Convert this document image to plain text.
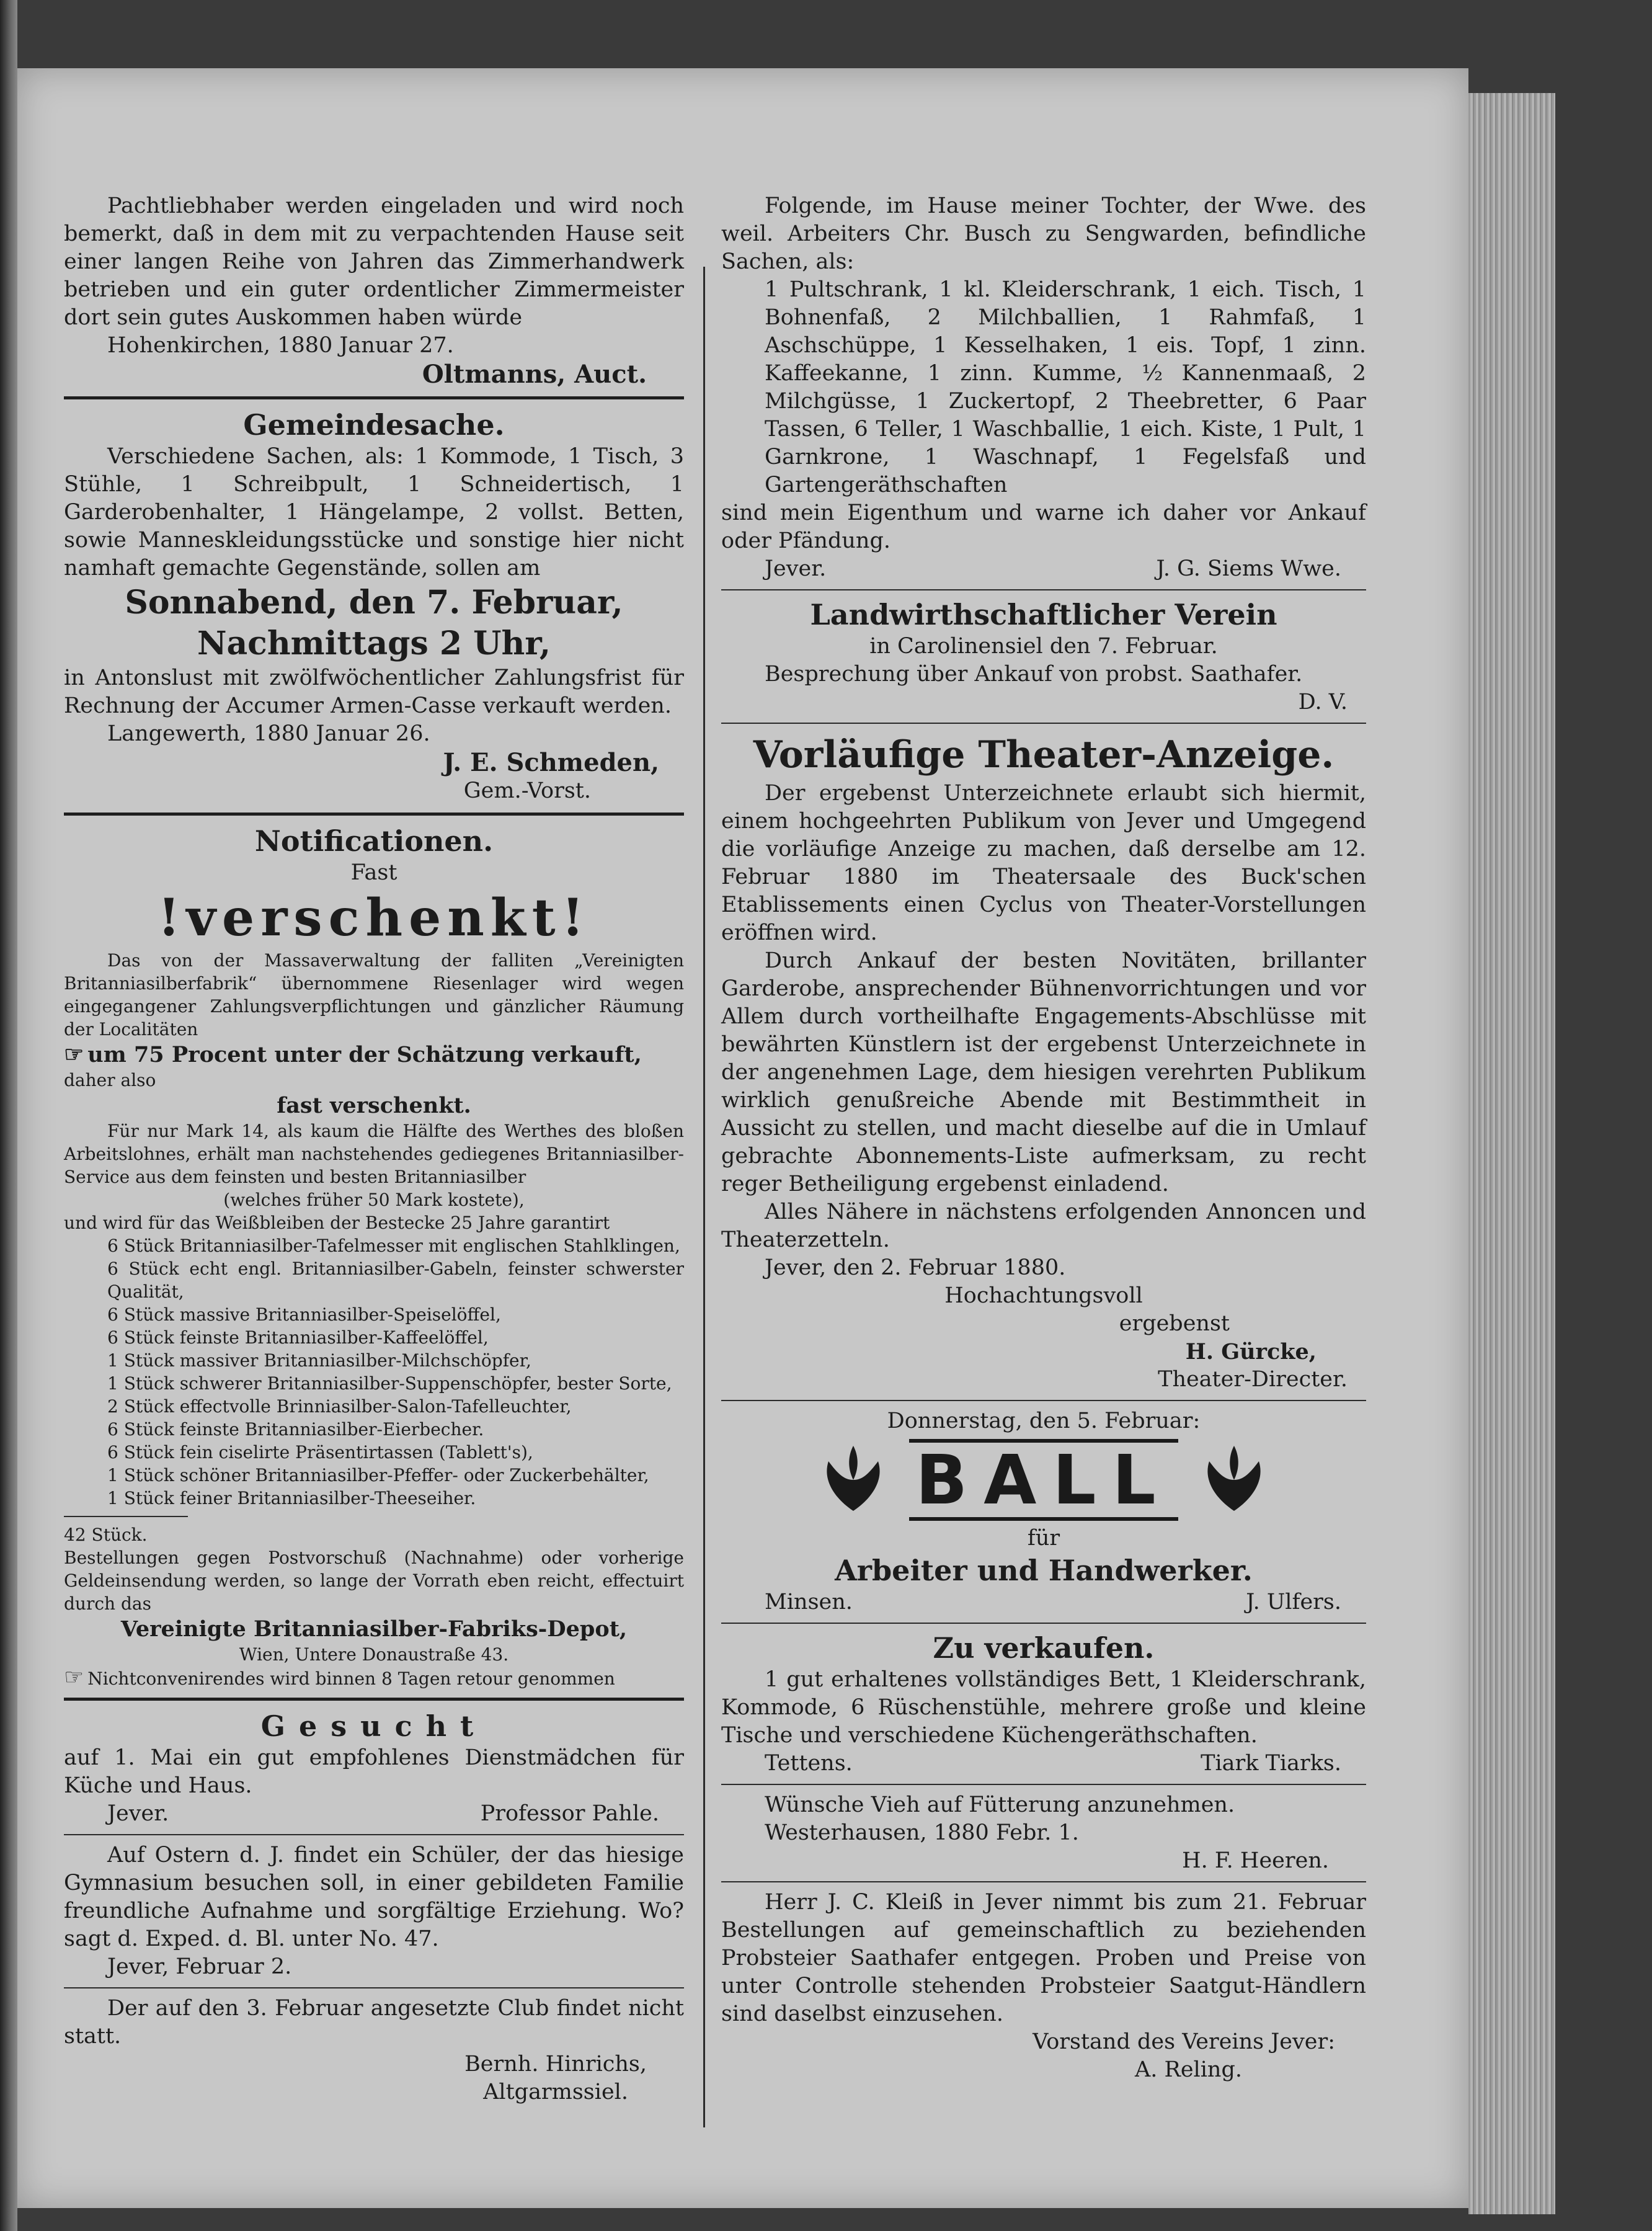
Pachtliebhaber werden eingeladen und wird noch bemerkt, daß in dem mit zu verpachtenden Hause seit einer langen Reihe von Jahren das Zimmerhandwerk betrieben und ein guter ordentlicher Zimmermeister dort sein gutes Auskommen haben würde

Hohenkirchen, 1880 Januar 27.

Oltmanns, Auct.

Gemeindesache.

Verschiedene Sachen, als: 1 Kommode, 1 Tisch, 3 Stühle, 1 Schreibpult, 1 Schneidertisch, 1 Garderobenhalter, 1 Hängelampe, 2 vollst. Betten, sowie Manneskleidungsstücke und sonstige hier nicht namhaft gemachte Gegenstände, sollen am

Sonnabend, den 7. Februar,

Nachmittags 2 Uhr,

in Antonslust mit zwölfwöchentlicher Zahlungsfrist für Rechnung der Accumer Armen-Casse verkauft werden.

Langewerth, 1880 Januar 26.

J. E. Schmeden,

Gem.-Vorst.

Notificationen.

Fast

!verschenkt!

Das von der Massaverwaltung der falliten „Vereinigten Britanniasilberfabrik“ übernommene Riesenlager wird wegen eingegangener Zahlungsverpflichtungen und gänzlicher Räumung der Localitäten

☞ um 75 Procent unter der Schätzung verkauft,

daher also

fast verschenkt.

Für nur Mark 14, als kaum die Hälfte des Werthes des bloßen Arbeitslohnes, erhält man nachstehendes gediegenes Britanniasilber-Service aus dem feinsten und besten Britanniasilber

(welches früher 50 Mark kostete),

und wird für das Weißbleiben der Bestecke 25 Jahre garantirt

6 Stück Britanniasilber-Tafelmesser mit englischen Stahlklingen,

6 Stück echt engl. Britanniasilber-Gabeln, feinster schwerster Qualität,

6 Stück massive Britanniasilber-Speiselöffel,

6 Stück feinste Britanniasilber-Kaffeelöffel,

1 Stück massiver Britanniasilber-Milchschöpfer,

1 Stück schwerer Britanniasilber-Suppenschöpfer, bester Sorte,

2 Stück effectvolle Brinniasilber-Salon-Tafelleuchter,

6 Stück feinste Britanniasilber-Eierbecher.

6 Stück fein ciselirte Präsentirtassen (Tablett's),

1 Stück schöner Britanniasilber-Pfeffer- oder Zuckerbehälter,

1 Stück feiner Britanniasilber-Theeseiher.

42 Stück.

Bestellungen gegen Postvorschuß (Nachnahme) oder vorherige Geldeinsendung werden, so lange der Vorrath eben reicht, effectuirt durch das

Vereinigte Britanniasilber-Fabriks-Depot,

Wien, Untere Donaustraße 43.

☞ Nichtconvenirendes wird binnen 8 Tagen retour genommen

Gesucht

auf 1. Mai ein gut empfohlenes Dienstmädchen für Küche und Haus.

Jever.	Professor Pahle.

Auf Ostern d. J. findet ein Schüler, der das hiesige Gymnasium besuchen soll, in einer gebildeten Familie freundliche Aufnahme und sorgfältige Erziehung. Wo? sagt d. Exped. d. Bl. unter No. 47.

Jever, Februar 2.

Der auf den 3. Februar angesetzte Club findet nicht statt.

Bernh. Hinrichs,

Altgarmssiel.

Folgende, im Hause meiner Tochter, der Wwe. des weil. Arbeiters Chr. Busch zu Sengwarden, befindliche Sachen, als:

1 Pultschrank, 1 kl. Kleiderschrank, 1 eich. Tisch, 1 Bohnenfaß, 2 Milchballien, 1 Rahmfaß, 1 Aschschüppe, 1 Kesselhaken, 1 eis. Topf, 1 zinn. Kaffeekanne, 1 zinn. Kumme, ½ Kannenmaaß, 2 Milchgüsse, 1 Zuckertopf, 2 Theebretter, 6 Paar Tassen, 6 Teller, 1 Waschballie, 1 eich. Kiste, 1 Pult, 1 Garnkrone, 1 Waschnapf, 1 Fegelsfaß und Gartengeräthschaften

sind mein Eigenthum und warne ich daher vor Ankauf oder Pfändung.

Jever.	J. G. Siems Wwe.

Landwirthschaftlicher Verein

in Carolinensiel den 7. Februar.

Besprechung über Ankauf von probst. Saathafer.

D. V.

Vorläufige Theater-Anzeige.

Der ergebenst Unterzeichnete erlaubt sich hiermit, einem hochgeehrten Publikum von Jever und Umgegend die vorläufige Anzeige zu machen, daß derselbe am 12. Februar 1880 im Theatersaale des Buck'schen Etablissements einen Cyclus von Theater-Vorstellungen eröffnen wird.

Durch Ankauf der besten Novitäten, brillanter Garderobe, ansprechender Bühnenvorrichtungen und vor Allem durch vortheilhafte Engagements-Abschlüsse mit bewährten Künstlern ist der ergebenst Unterzeichnete in der angenehmen Lage, dem hiesigen verehrten Publikum wirklich genußreiche Abende mit Bestimmtheit in Aussicht zu stellen, und macht dieselbe auf die in Umlauf gebrachte Abonnements-Liste aufmerksam, zu recht reger Betheiligung ergebenst einladend.

Alles Nähere in nächstens erfolgenden Annoncen und Theaterzetteln.

Jever, den 2. Februar 1880.

Hochachtungsvoll

ergebenst

H. Gürcke,

Theater-Directer.

Donnerstag, den 5. Februar:

BALL

für

Arbeiter und Handwerker.

Minsen.	J. Ulfers.

Zu verkaufen.

1 gut erhaltenes vollständiges Bett, 1 Kleiderschrank, Kommode, 6 Rüschenstühle, mehrere große und kleine Tische und verschiedene Küchengeräthschaften.

Tettens.	Tiark Tiarks.

Wünsche Vieh auf Fütterung anzunehmen.

Westerhausen, 1880 Febr. 1.

H. F. Heeren.

Herr J. C. Kleiß in Jever nimmt bis zum 21. Februar Bestellungen auf gemeinschaftlich zu beziehenden Probsteier Saathafer entgegen. Proben und Preise von unter Controlle stehenden Probsteier Saatgut-Händlern sind daselbst einzusehen.

Vorstand des Vereins Jever:

A. Reling.
